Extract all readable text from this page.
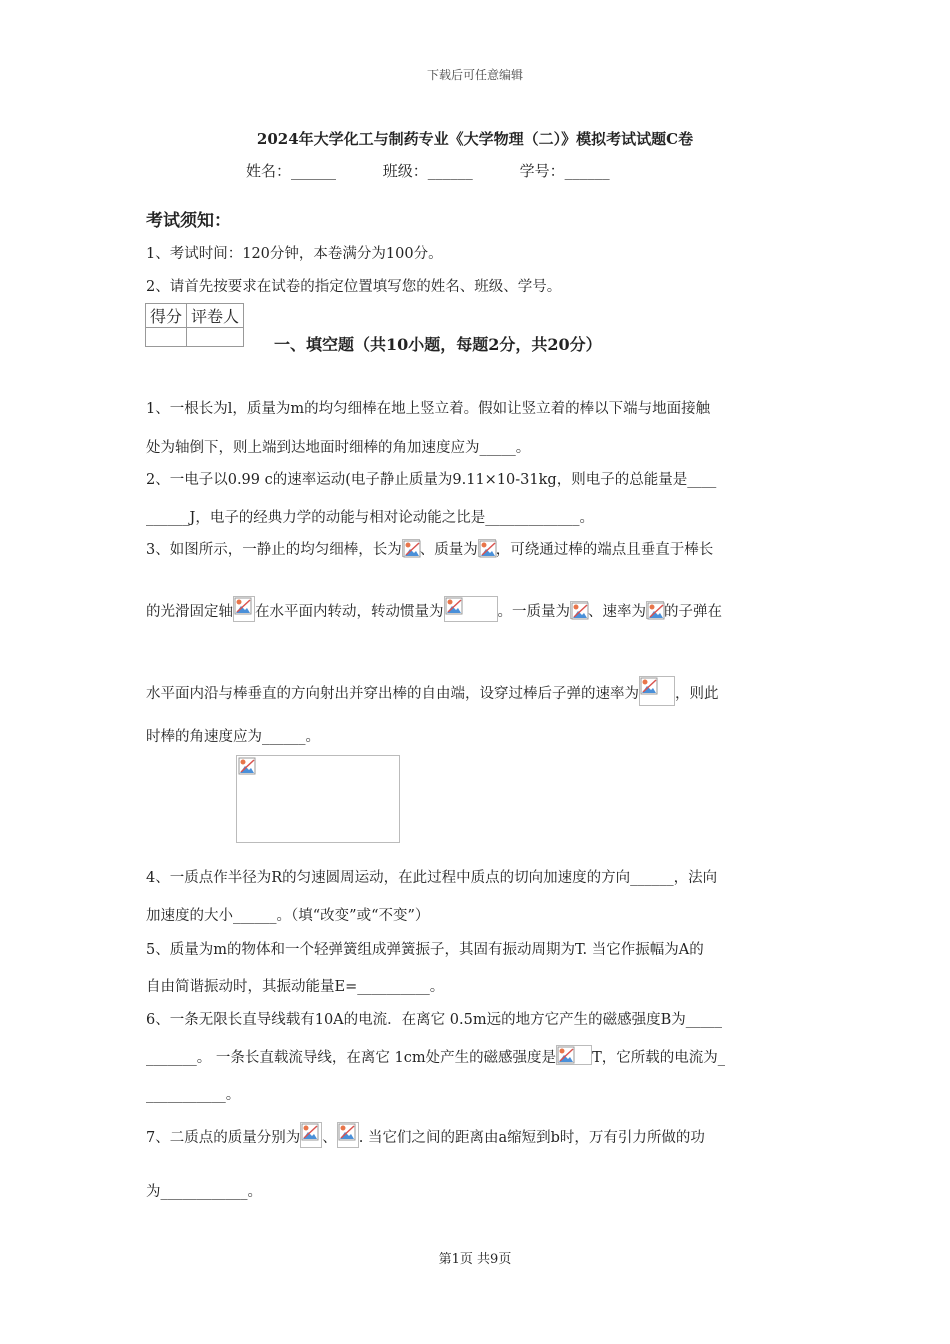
下载后可任意编辑
2024年大学化工与制药专业《大学物理（二）》模拟考试试题C卷
姓名：______	班级：______	学号：______
考试须知：
1、考试时间：120分钟，本卷满分为100分。
2、请首先按要求在试卷的指定位置填写您的姓名、班级、学号。
得分	评卷人

一、填空题（共10小题，每题2分，共20分）
1、一根长为l，质量为m的均匀细棒在地上竖立着。假如让竖立着的棒以下端与地面接触
处为轴倒下，则上端到达地面时细棒的角加速度应为_____。
2、一电子以0.99 c的速率运动(电子静止质量为9.11×10-31kg，则电子的总能量是____
______J，电子的经典力学的动能与相对论动能之比是_____________。
3、如图所示，一静止的均匀细棒，长为 、质量为 ，可绕通过棒的端点且垂直于棒长
的光滑固定轴 在水平面内转动，转动惯量为	。一质量为 、速率为 的子弹在
水平面内沿与棒垂直的方向射出并穿出棒的自由端，设穿过棒后子弹的速率为 ，则此
时棒的角速度应为______。
4、一质点作半径为R的匀速圆周运动，在此过程中质点的切向加速度的方向______，法向
加速度的大小______。（填“改变”或“不变”）
5、质量为m的物体和一个轻弹簧组成弹簧振子，其固有振动周期为T. 当它作振幅为A的
自由简谐振动时，其振动能量E=__________。
6、一条无限长直导线载有10A的电流．在离它 0.5m远的地方它产生的磁感强度B为_____
_______。 一条长直载流导线，在离它 1cm处产生的磁感强度是 T，它所载的电流为_
___________。
7、二质点的质量分别为 、 . 当它们之间的距离由a缩短到b时，万有引力所做的功
为____________。
第1页 共9页
